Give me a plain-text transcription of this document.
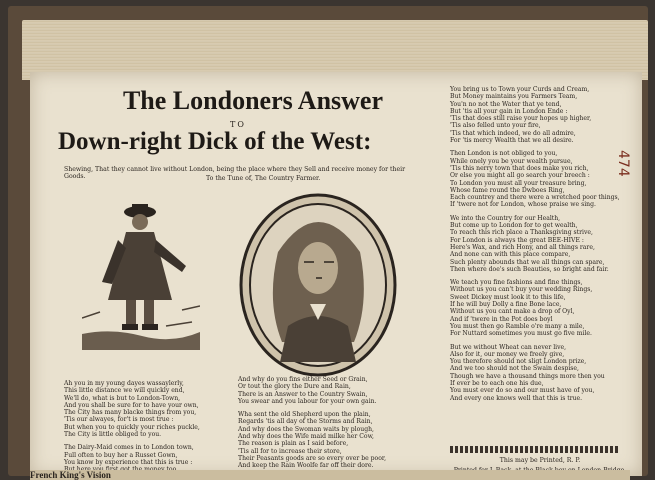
The Londoners Answer
TO
Down-right Dick of the West:
Shewing, That they cannot live without London, being the place where they Sell and receive money for their Goods.	To the Tune of, The Country Farmer.
Ah you in my young dayes wassaylerly,
This little distance we will quickly end,
We'll do, what is but to London-Town,
And you shall be sure for to have your own,
The City has many blacke things from you,
'Tis our alwayes, for't is most true :
But when you to quickly your riches puckle,
The City is little obliged to you.
The Dairy-Maid comes in to London town,
Full often to buy her a Russet Gown,
You know by experience that this is true :
And why do you fins either Seed or Grain,
Or tout the glory the Dure and Rain,
There is an Answer to the Country Swain,
You swear and you labour for your own gain.
Wha sent the old Shepherd upon the plain,
Regards 'tis all day of the Storms and Rain,
And why does the Swoman waits by plough,
And why does the Wife maid milke her Cow,
The reason is plain as I said before,
'Tis all for to increase their store,
Their Peasants goods are so every over be poor,
And keep the Rain Woolfe far off their dore.
You bring us to Town your Curds and Cream,
But Money maintains you Farmers Team,
You'n no not the Water that ye tend,
But 'tis all your gain in London Ende :
'Tis that does still raise your hopes up higher,
'Tis also felled unto your fire,
'Tis that which indeed, we do all admire,
For 'tis mercy Wealth that we all desire.
Then London is not obliged to you,
While onely you be your wealth pursue,
'Tis this nerry town that does make you rich,
Or else you might all go search your breech :
To London you must all your treasure bring,
Whose fame round the Dwboes Ring,
Each countrey and there were a wretched poor things,
If 'twere not for London, whose praise we sing.
We into the Country for our Health,
But come up to London for to get wealth,
To reach this rich place a Thanksgiving strive,
For London is always the great BEE-HIVE :
Here's Wax, and rich Hony, and all things rare,
And none can with this place compare,
Such plenty abounds that we all things can spare,
Then where doe's such Beauties, so bright and fair.
We teach you fine fashions and fine things,
Without us you can't buy your wedding Rings,
Sweet Dickey must look it to this life,
If he will buy Dolly a fine Bone lace,
Without us you cant make a drop of Oyl,
And if 'twere in the Pot does boyl
You must then go Ramble o're many a mile,
For Nuttard sometimes you must go five mile.
But we without Wheat can never live,
Also for it, our money we freely give,
You therefore should not sligt London prize,
And we too should not the Swain despise,
Though we have a thousand things more then you
If ever be to each one his due,
You must ever do so and our must have of you,
And every one knows well that this is true.
This may be Printed, R. P.
474
French King's Vision
